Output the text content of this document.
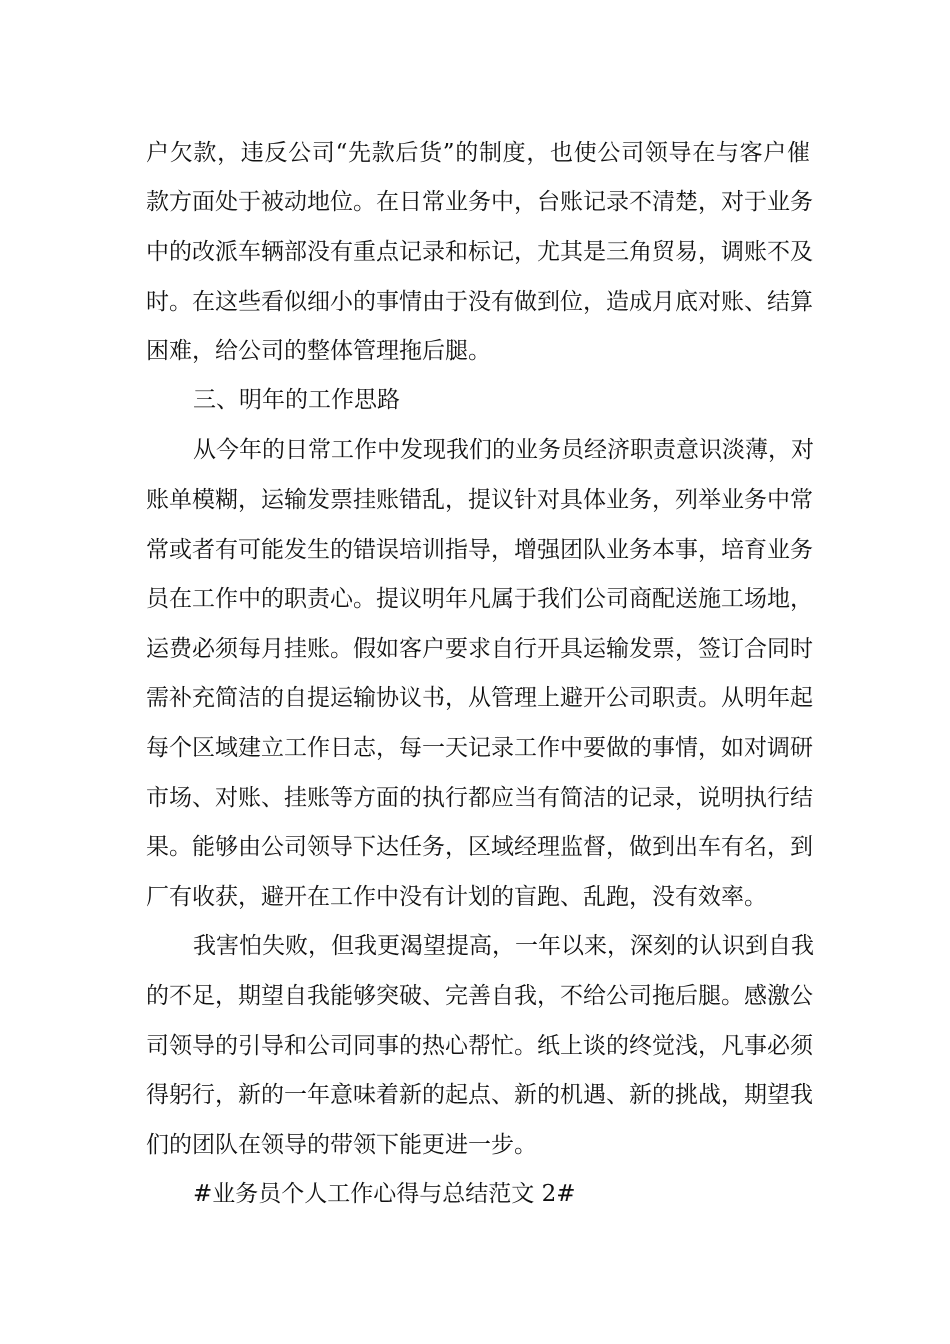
户欠款，违反公司“先款后货”的制度，也使公司领导在与客户催
款方面处于被动地位。在日常业务中，台账记录不清楚，对于业务
中的改派车辆部没有重点记录和标记，尤其是三角贸易，调账不及
时。在这些看似细小的事情由于没有做到位，造成月底对账、结算
困难，给公司的整体管理拖后腿。
三、明年的工作思路
从今年的日常工作中发现我们的业务员经济职责意识淡薄，对
账单模糊，运输发票挂账错乱，提议针对具体业务，列举业务中常
常或者有可能发生的错误培训指导，增强团队业务本事，培育业务
员在工作中的职责心。提议明年凡属于我们公司商配送施工场地，
运费必须每月挂账。假如客户要求自行开具运输发票，签订合同时
需补充简洁的自提运输协议书，从管理上避开公司职责。从明年起
每个区域建立工作日志，每一天记录工作中要做的事情，如对调研
市场、对账、挂账等方面的执行都应当有简洁的记录，说明执行结
果。能够由公司领导下达任务，区域经理监督，做到出车有名，到
厂有收获，避开在工作中没有计划的盲跑、乱跑，没有效率。
我害怕失败，但我更渴望提高，一年以来，深刻的认识到自我
的不足，期望自我能够突破、完善自我，不给公司拖后腿。感激公
司领导的引导和公司同事的热心帮忙。纸上谈的终觉浅，凡事必须
得躬行，新的一年意味着新的起点、新的机遇、新的挑战，期望我
们的团队在领导的带领下能更进一步。
#业务员个人工作心得与总结范文 2#
